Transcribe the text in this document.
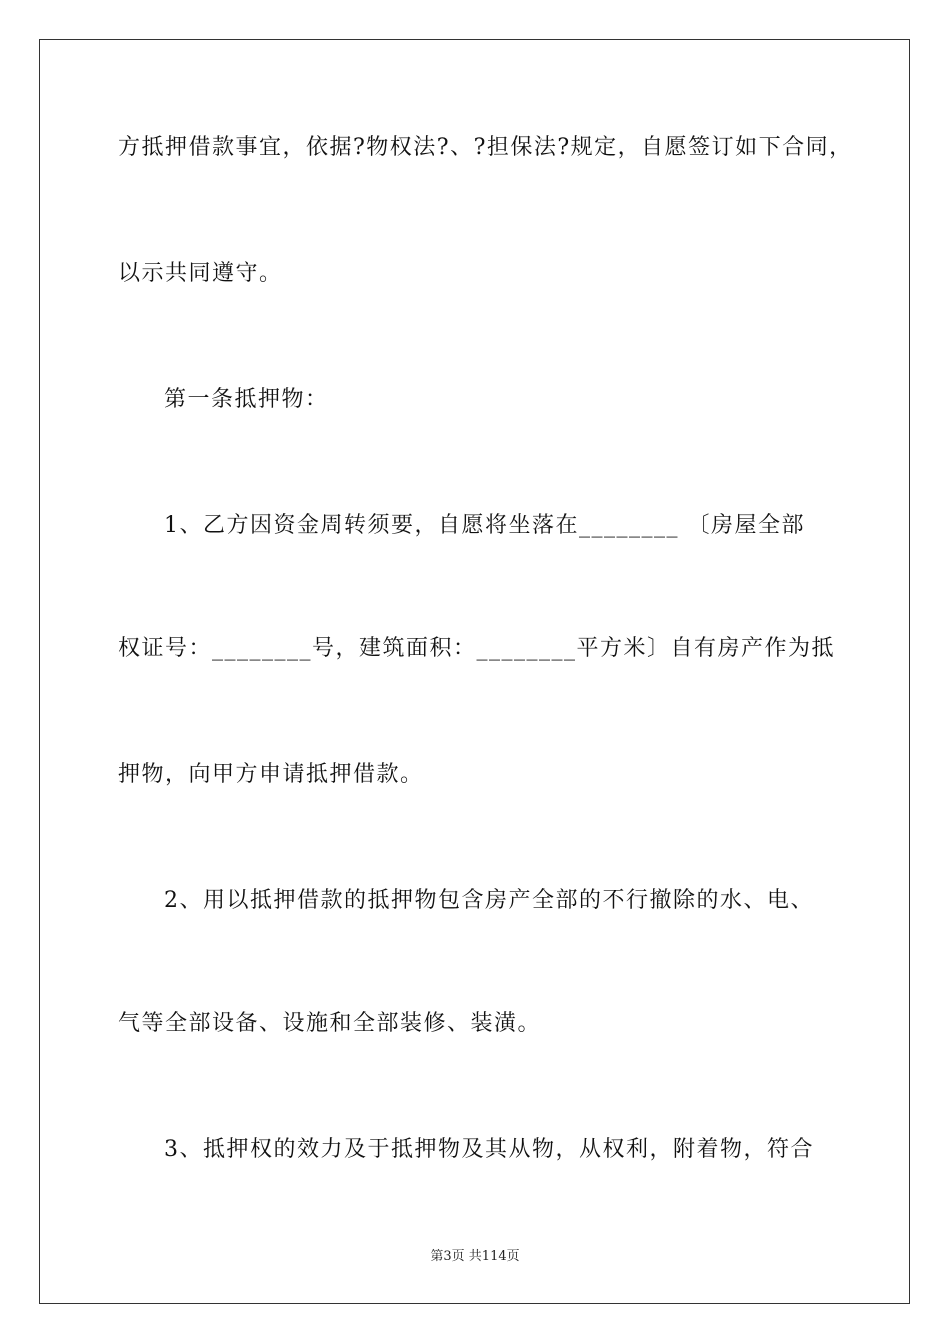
方抵押借款事宜，依据?物权法?、?担保法?规定，自愿签订如下合同，
以示共同遵守。
第一条抵押物：
1、乙方因资金周转须要，自愿将坐落在________ 〔房屋全部
权证号：________号，建筑面积：________平方米〕自有房产作为抵
押物，向甲方申请抵押借款。
2、用以抵押借款的抵押物包含房产全部的不行撤除的水、电、
气等全部设备、设施和全部装修、装潢。
3、抵押权的效力及于抵押物及其从物，从权利，附着物，符合
第3页 共114页
